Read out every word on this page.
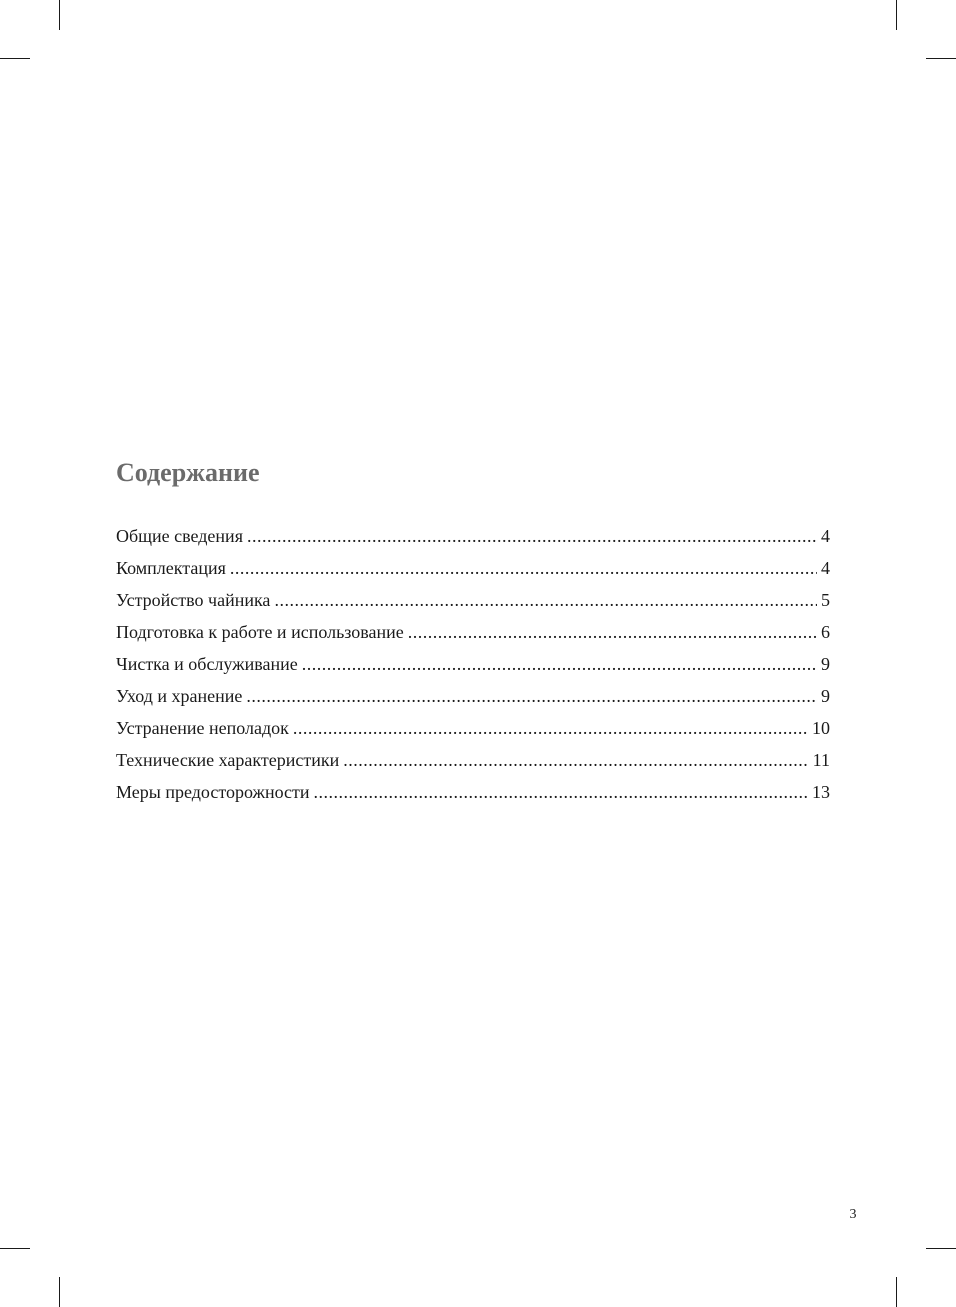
Содержание
Общие сведения .....	4
Комплектация .....	4
Устройство чайника .....	5
Подготовка к работе и использование .....	6
Чистка и обслуживание .....	9
Уход и хранение .....	9
Устранение неполадок .....	10
Технические характеристики .....	11
Меры предосторожности .....	13
3
